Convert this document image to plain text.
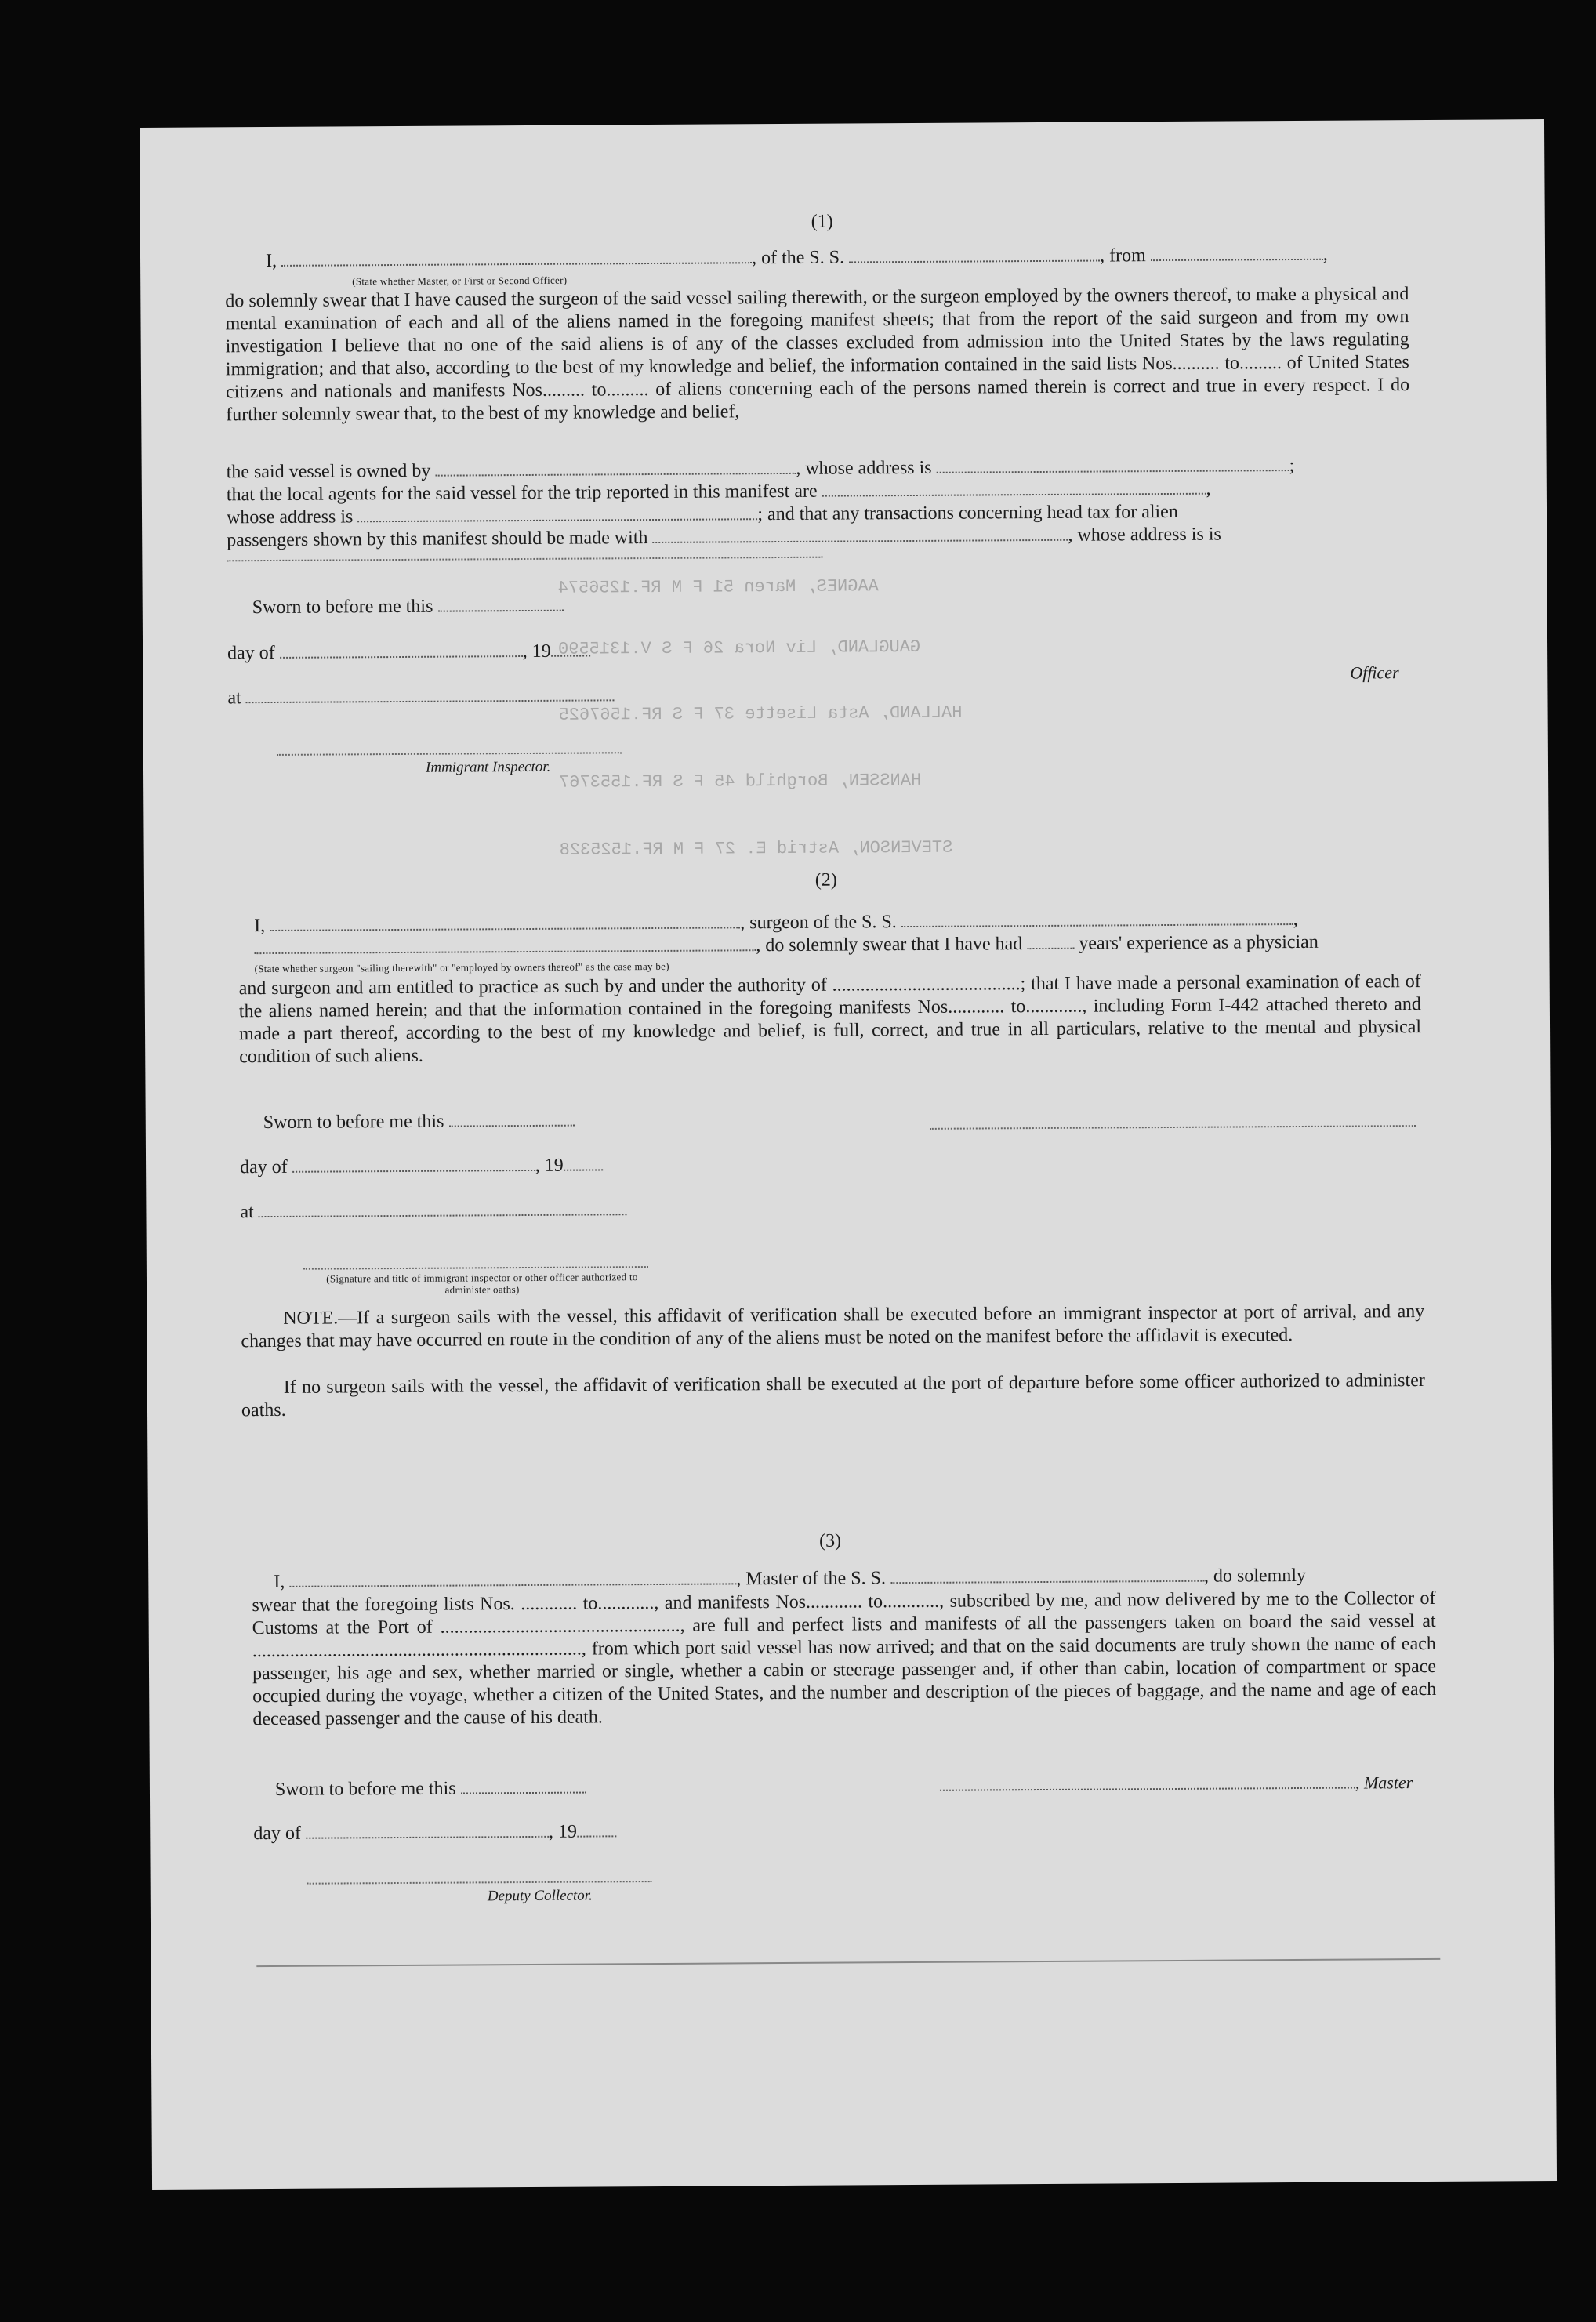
AAGNES, Maren 51 F M RF.1256574
GAUGLAND, Liv Nora 26 F S V.1315590
HALLAND, Asta Lisette 37 F S RF.1567625
HANSSEN, Borghild 45 F S RF.1553767
STEVENSON, Astrid E. 27 F M RF.1525328
(1)
I,	, of the S. S.	, from	,
(State whether Master, or First or Second Officer)
do solemnly swear that I have caused the surgeon of the said vessel sailing therewith, or the surgeon employed by the owners thereof, to make a physical and mental examination of each and all of the aliens named in the foregoing manifest sheets; that from the report of the said surgeon and from my own investigation I believe that no one of the said aliens is of any of the classes excluded from admission into the United States by the laws regulating immigration; and that also, according to the best of my knowledge and belief, the information contained in the said lists Nos.......... to......... of United States citizens and nationals and manifests Nos......... to......... of aliens concerning each of the persons named therein is correct and true in every respect. I do further solemnly swear that, to the best of my knowledge and belief,
the said vessel is owned by	, whose address is	;
that the local agents for the said vessel for the trip reported in this manifest are	,
whose address is	; and that any transactions concerning head tax for alien
passengers shown by this manifest should be made with	, whose address is is
Sworn to before me this
day of	, 19
at
Immigrant Inspector.
Officer
(2)
I,	, surgeon of the S. S.	,
, do solemnly swear that I have had	years' experience as a physician
(State whether surgeon "sailing therewith" or "employed by owners thereof" as the case may be)
and surgeon and am entitled to practice as such by and under the authority of ........................................; that I have made a personal examination of each of the aliens named herein; and that the information contained in the foregoing manifests Nos............ to............, including Form I-442 attached thereto and made a part thereof, according to the best of my knowledge and belief, is full, correct, and true in all particulars, relative to the mental and physical condition of such aliens.
Sworn to before me this
day of	, 19
at
(Signature and title of immigrant inspector or other officer authorized to administer oaths)
NOTE.—If a surgeon sails with the vessel, this affidavit of verification shall be executed before an immigrant inspector at port of arrival, and any changes that may have occurred en route in the condition of any of the aliens must be noted on the manifest before the affidavit is executed.
If no surgeon sails with the vessel, the affidavit of verification shall be executed at the port of departure before some officer authorized to administer oaths.
(3)
I,	, Master of the S. S.	, do solemnly
swear that the foregoing lists Nos. ............ to............, and manifests Nos............ to............, subscribed by me, and now delivered by me to the Collector of Customs at the Port of ..................................................., are full and perfect lists and manifests of all the passengers taken on board the said vessel at ......................................................................, from which port said vessel has now arrived; and that on the said documents are truly shown the name of each passenger, his age and sex, whether married or single, whether a cabin or steerage passenger and, if other than cabin, location of compartment or space occupied during the voyage, whether a citizen of the United States, and the number and description of the pieces of baggage, and the name and age of each deceased passenger and the cause of his death.
Sworn to before me this	, Master
day of	, 19
Deputy Collector.
